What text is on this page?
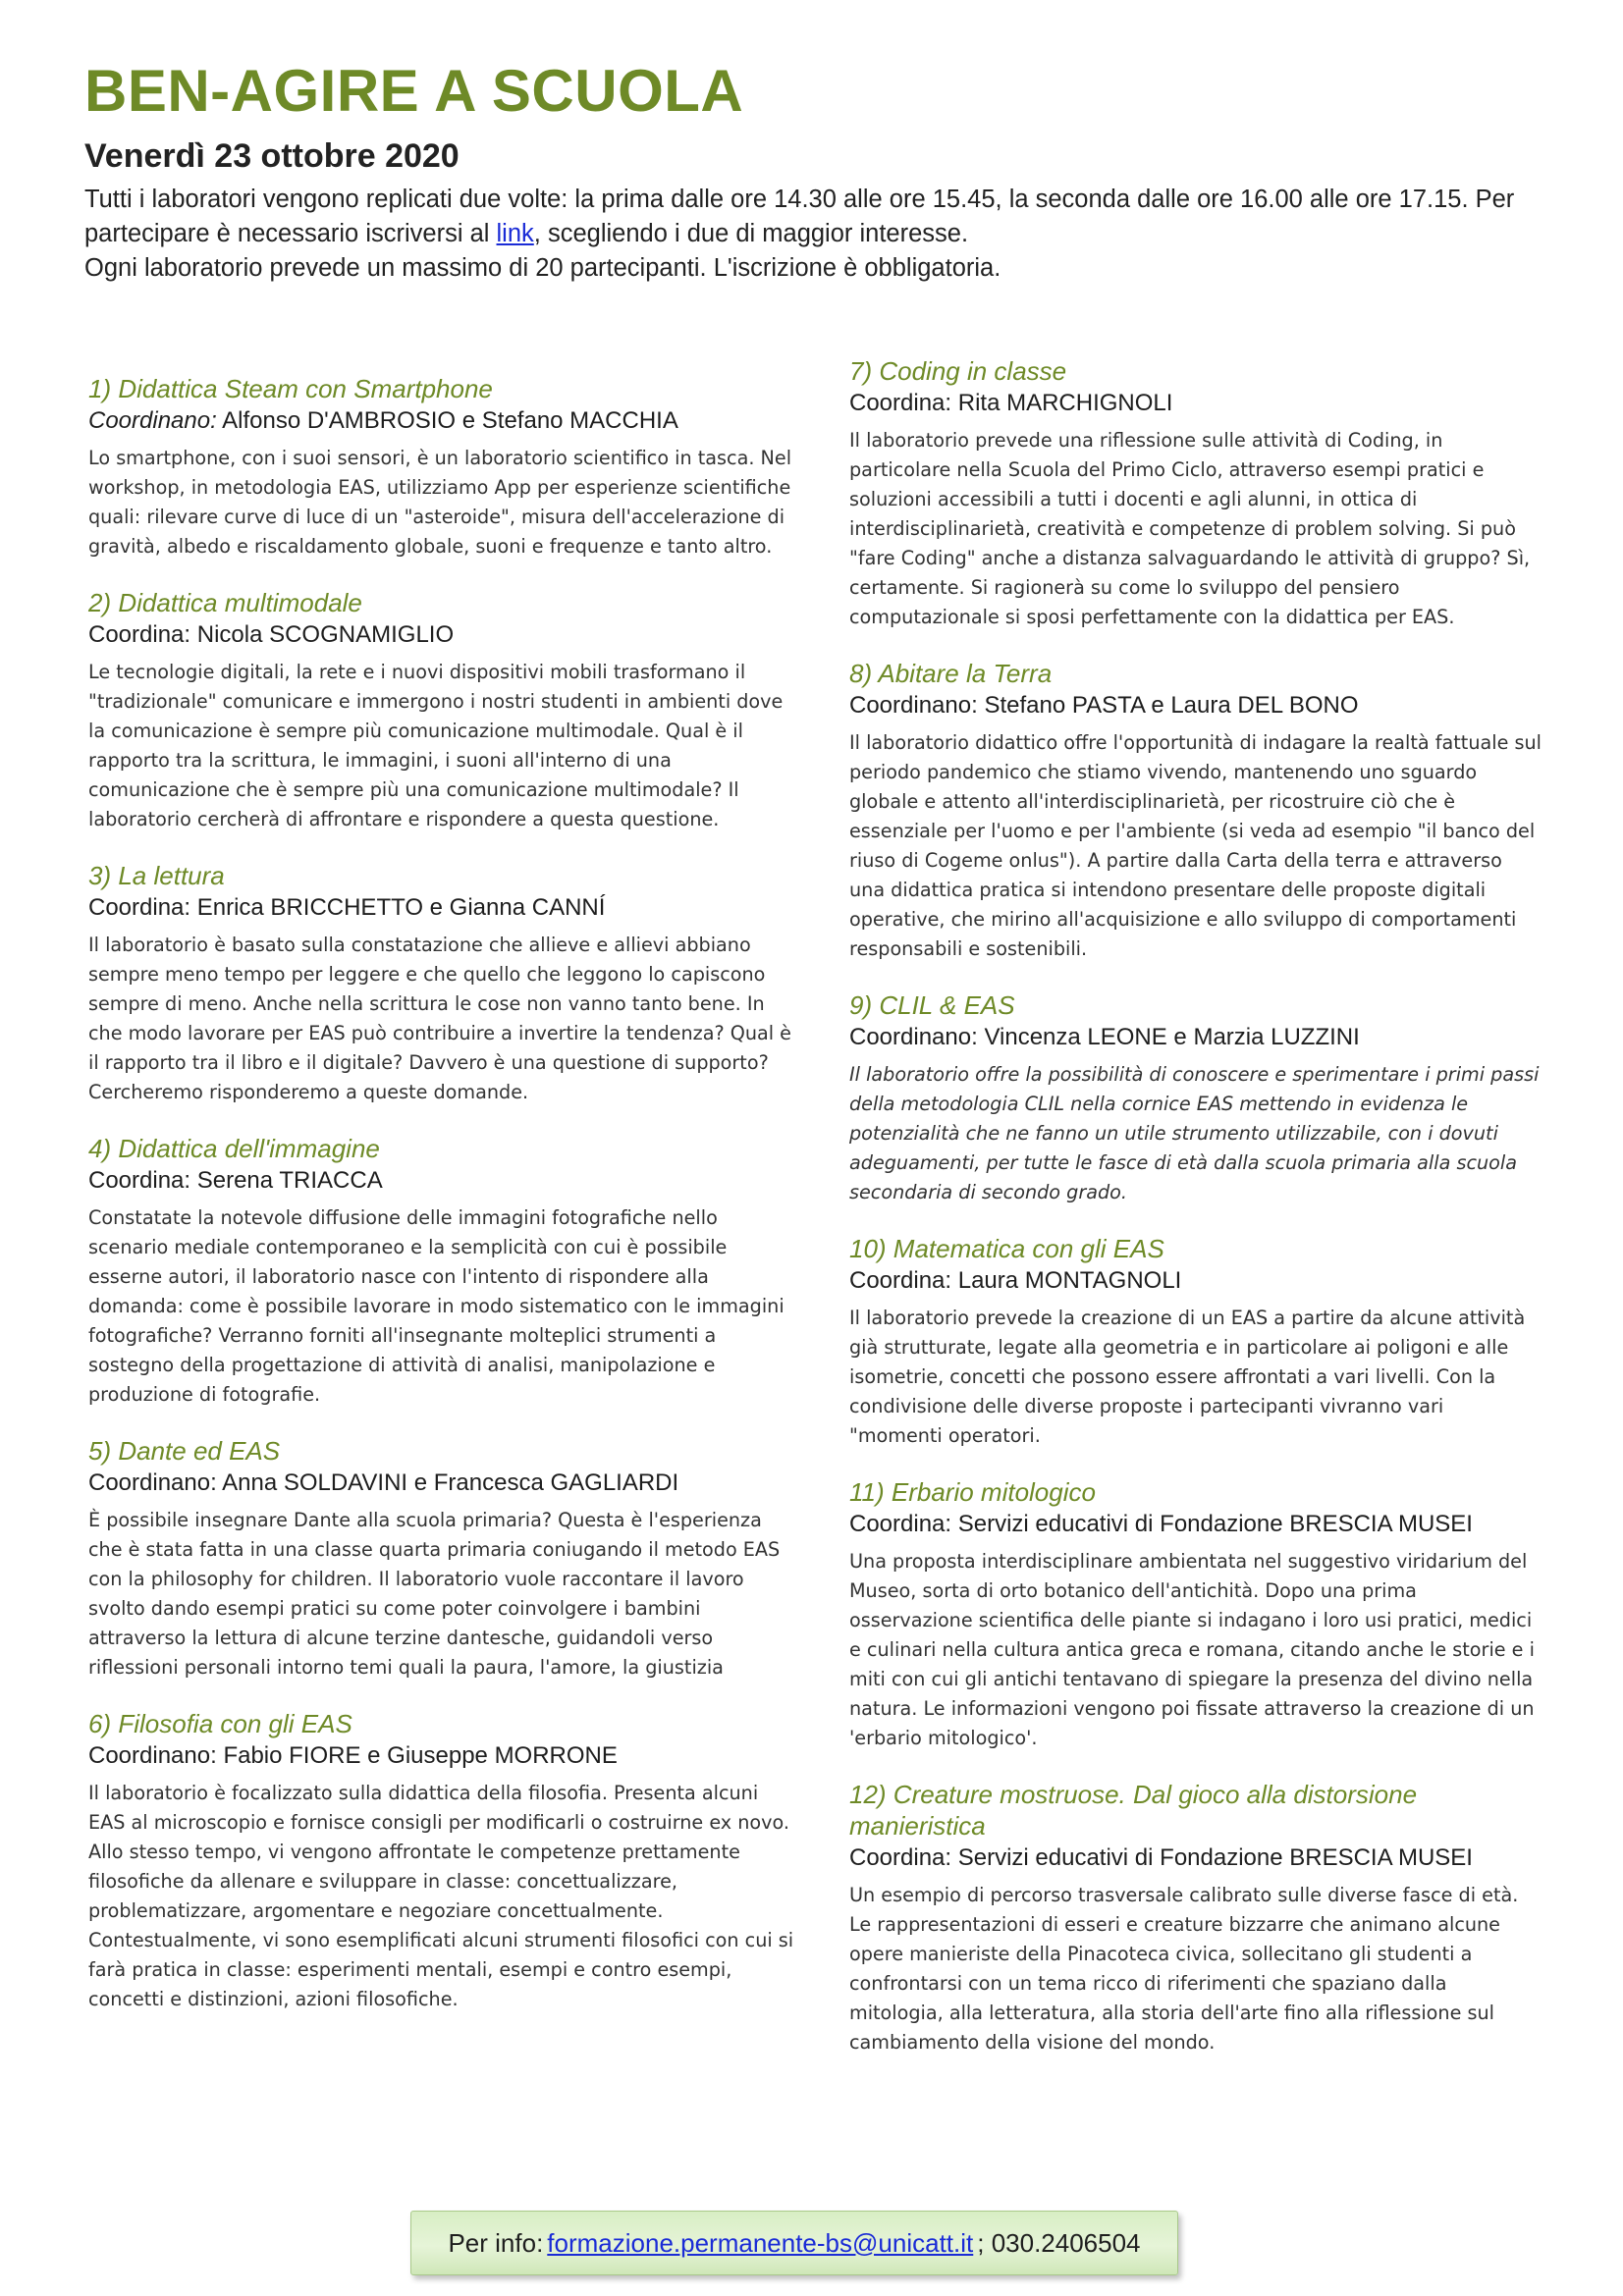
BEN-AGIRE A SCUOLA
Venerdì 23 ottobre 2020

Tutti i laboratori vengono replicati due volte: la prima dalle ore 14.30 alle ore 15.45, la seconda dalle ore 16.00 alle ore 17.15. Per partecipare è necessario iscriversi al link, scegliendo i due di maggior interesse.
Ogni laboratorio prevede un massimo di 20 partecipanti. L'iscrizione è obbligatoria.

1) Didattica Steam con Smartphone

Coordinano: Alfonso D'AMBROSIO e Stefano MACCHIA

Lo smartphone, con i suoi sensori, è un laboratorio scientifico in tasca. Nel workshop, in metodologia EAS, utilizziamo App per esperienze scientifiche quali: rilevare curve di luce di un "asteroide", misura dell'accelerazione di gravità, albedo e riscaldamento globale, suoni e frequenze e tanto altro.

2) Didattica multimodale

Coordina: Nicola SCOGNAMIGLIO

Le tecnologie digitali, la rete e i nuovi dispositivi mobili trasformano il "tradizionale" comunicare e immergono i nostri studenti in ambienti dove la comunicazione è sempre più comunicazione multimodale. Qual è il rapporto tra la scrittura, le immagini, i suoni all'interno di una comunicazione che è sempre più una comunicazione multimodale? Il laboratorio cercherà di affrontare e rispondere a questa questione.

3) La lettura

Coordina: Enrica BRICCHETTO e Gianna CANNÍ

Il laboratorio è basato sulla constatazione che allieve e allievi abbiano sempre meno tempo per leggere e che quello che leggono lo capiscono sempre di meno. Anche nella scrittura le cose non vanno tanto bene. In che modo lavorare per EAS può contribuire a invertire la tendenza? Qual è il rapporto tra il libro e il digitale? Davvero è una questione di supporto? Cercheremo risponderemo a queste domande.

4) Didattica dell'immagine

Coordina: Serena TRIACCA

Constatate la notevole diffusione delle immagini fotografiche nello scenario mediale contemporaneo e la semplicità con cui è possibile esserne autori, il laboratorio nasce con l'intento di rispondere alla domanda: come è possibile lavorare in modo sistematico con le immagini fotografiche? Verranno forniti all'insegnante molteplici strumenti a sostegno della progettazione di attività di analisi, manipolazione e produzione di fotografie.

5) Dante ed EAS

Coordinano: Anna SOLDAVINI e Francesca GAGLIARDI

È possibile insegnare Dante alla scuola primaria? Questa è l'esperienza che è stata fatta in una classe quarta primaria coniugando il metodo EAS con la philosophy for children. Il laboratorio vuole raccontare il lavoro svolto dando esempi pratici su come poter coinvolgere i bambini attraverso la lettura di alcune terzine dantesche, guidandoli verso riflessioni personali intorno temi quali la paura, l'amore, la giustizia

6) Filosofia con gli EAS

Coordinano: Fabio FIORE e Giuseppe MORRONE

Il laboratorio è focalizzato sulla didattica della filosofia. Presenta alcuni EAS al microscopio e fornisce consigli per modificarli o costruirne ex novo. Allo stesso tempo, vi vengono affrontate le competenze prettamente filosofiche da allenare e sviluppare in classe: concettualizzare, problematizzare, argomentare e negoziare concettualmente. Contestualmente, vi sono esemplificati alcuni strumenti filosofici con cui si farà pratica in classe: esperimenti mentali, esempi e contro esempi, concetti e distinzioni, azioni filosofiche.

7) Coding in classe

Coordina: Rita MARCHIGNOLI

Il laboratorio prevede una riflessione sulle attività di Coding, in particolare nella Scuola del Primo Ciclo, attraverso esempi pratici e soluzioni accessibili a tutti i docenti e agli alunni, in ottica di interdisciplinarietà, creatività e competenze di problem solving. Si può "fare Coding" anche a distanza salvaguardando le attività di gruppo? Sì, certamente. Si ragionerà su come lo sviluppo del pensiero computazionale si sposi perfettamente con la didattica per EAS.

8) Abitare la Terra

Coordinano: Stefano PASTA e Laura DEL BONO

Il laboratorio didattico offre l'opportunità di indagare la realtà fattuale sul periodo pandemico che stiamo vivendo, mantenendo uno sguardo globale e attento all'interdisciplinarietà, per ricostruire ciò che è essenziale per l'uomo e per l'ambiente (si veda ad esempio "il banco del riuso di Cogeme onlus"). A partire dalla Carta della terra e attraverso una didattica pratica si intendono presentare delle proposte digitali operative, che mirino all'acquisizione e allo sviluppo di comportamenti responsabili e sostenibili.

9) CLIL & EAS

Coordinano: Vincenza LEONE e Marzia LUZZINI

Il laboratorio offre la possibilità di conoscere e sperimentare i primi passi della metodologia CLIL nella cornice EAS mettendo in evidenza le potenzialità che ne fanno un utile strumento utilizzabile, con i dovuti adeguamenti, per tutte le fasce di età dalla scuola primaria alla scuola secondaria di secondo grado.

10) Matematica con gli EAS

Coordina: Laura MONTAGNOLI

Il laboratorio prevede la creazione di un EAS a partire da alcune attività già strutturate, legate alla geometria e in particolare ai poligoni e alle isometrie, concetti che possono essere affrontati a vari livelli. Con la condivisione delle diverse proposte i partecipanti vivranno vari "momenti operatori.

11) Erbario mitologico

Coordina: Servizi educativi di Fondazione BRESCIA MUSEI

Una proposta interdisciplinare ambientata nel suggestivo viridarium del Museo, sorta di orto botanico dell'antichità. Dopo una prima osservazione scientifica delle piante si indagano i loro usi pratici, medici e culinari nella cultura antica greca e romana, citando anche le storie e i miti con cui gli antichi tentavano di spiegare la presenza del divino nella natura. Le informazioni vengono poi fissate attraverso la creazione di un 'erbario mitologico'.

12) Creature mostruose. Dal gioco alla distorsione manieristica

Coordina: Servizi educativi di Fondazione BRESCIA MUSEI

Un esempio di percorso trasversale calibrato sulle diverse fasce di età. Le rappresentazioni di esseri e creature bizzarre che animano alcune opere manieriste della Pinacoteca civica, sollecitano gli studenti a confrontarsi con un tema ricco di riferimenti che spaziano dalla mitologia, alla letteratura, alla storia dell'arte fino alla riflessione sul cambiamento della visione del mondo.

Per info: formazione.permanente-bs@unicatt.it ; 030.2406504
